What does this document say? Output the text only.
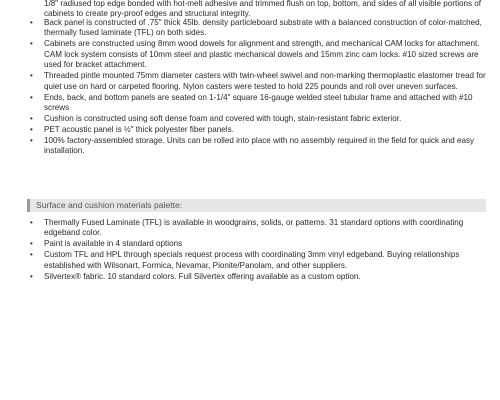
1/8" radiused top edge bonded with hot-melt adhesive and trimmed flush on top, bottom, and sides of all visible portions of cabinets to create pry-proof edges and structural integrity.

• Back panel is constructed of .75" thick 45lb. density particleboard substrate with a balanced construction of color-matched, thermally fused laminate (TFL) on both sides.
• Cabinets are constructed using 8mm wood dowels for alignment and strength, and mechanical CAM locks for attachment. CAM lock system consists of 10mm steel and plastic mechanical dowels and 15mm zinc cam locks. #10 sized screws are used for bracket attachment.
• Threaded pintle mounted 75mm diameter casters with twin-wheel swivel and non-marking thermoplastic elastomer tread for quiet use on hard or carpeted flooring. Nylon casters were tested to hold 225 pounds and roll over uneven surfaces.
• Ends, back, and bottom panels are seated on 1-1/4" square 16-gauge welded steel tubular frame and attached with #10 screws
• Cushion is constructed using soft dense foam and covered with tough, stain-resistant fabric exterior.
• PET acoustic panel is ½" thick polyester fiber panels.
• 100% factory-assembled storage. Units can be rolled into place with no assembly required in the field for quick and easy installation.
Surface and cushion materials palette:
• Thermally Fused Laminate (TFL) is available in woodgrains, solids, or patterns. 31 standard options with coordinating edgeband color.
• Paint is available in 4 standard options
• Custom TFL and HPL through specials request process with coordinating 3mm vinyl edgeband. Buying relationships established with Wilsonart, Formica, Nevamar, Pionite/Panolam, and other suppliers.
• Silvertex® fabric. 10 standard colors. Full Silvertex offering available as a custom option.
